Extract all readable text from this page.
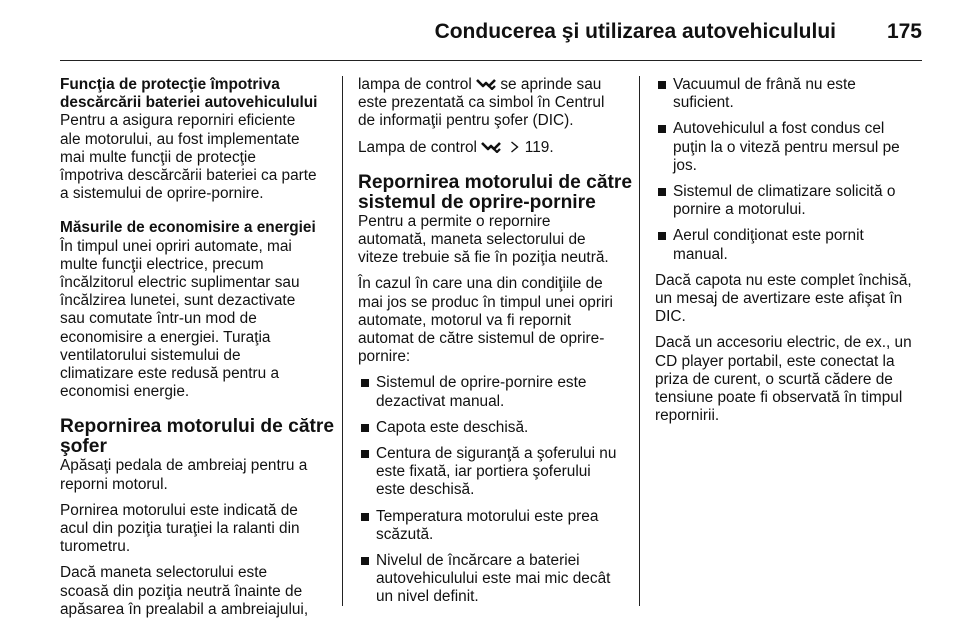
Conducerea şi utilizarea autovehiculului 175
Funcţia de protecţie împotriva
descărcării bateriei autovehiculului
Pentru a asigura reporniri eficiente
ale motorului, au fost implementate
mai multe funcţii de protecţie
împotriva descărcării bateriei ca parte
a sistemului de oprire-pornire.
Măsurile de economisire a energiei
În timpul unei opriri automate, mai
multe funcţii electrice, precum
încălzitorul electric suplimentar sau
încălzirea lunetei, sunt dezactivate
sau comutate într-un mod de
economisire a energiei. Turaţia
ventilatorului sistemului de
climatizare este redusă pentru a
economisi energie.
Repornirea motorului de către
şofer
Apăsaţi pedala de ambreiaj pentru a
reporni motorul.
Pornirea motorului este indicată de
acul din poziţia turaţiei la ralanti din
turometru.
Dacă maneta selectorului este
scoasă din poziţia neutră înainte de
apăsarea în prealabil a ambreiajului,
lampa de control se aprinde sau
este prezentată ca simbol în Centrul
de informaţii pentru şofer (DIC).
Lampa de control	119.
Repornirea motorului de către
sistemul de oprire-pornire
Pentru a permite o repornire
automată, maneta selectorului de
viteze trebuie să fie în poziţia neutră.
În cazul în care una din condiţiile de
mai jos se produc în timpul unei opriri
automate, motorul va fi repornit
automat de către sistemul de oprire-
pornire:
Sistemul de oprire-pornire este
dezactivat manual.
Capota este deschisă.
Centura de siguranţă a şoferului nu
este fixată, iar portiera şoferului
este deschisă.
Temperatura motorului este prea
scăzută.
Nivelul de încărcare a bateriei
autovehiculului este mai mic decât
un nivel definit.
Vacuumul de frână nu este
suficient.
Autovehiculul a fost condus cel
puţin la o viteză pentru mersul pe
jos.
Sistemul de climatizare solicită o
pornire a motorului.
Aerul condiţionat este pornit
manual.
Dacă capota nu este complet închisă,
un mesaj de avertizare este afişat în
DIC.
Dacă un accesoriu electric, de ex., un
CD player portabil, este conectat la
priza de curent, o scurtă cădere de
tensiune poate fi observată în timpul
repornirii.
